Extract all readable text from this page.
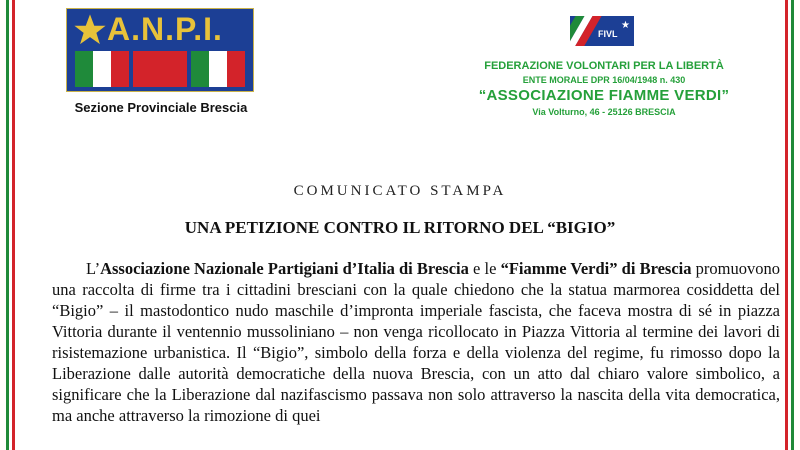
A.N.P.I.
Sezione Provinciale Brescia
FIVL
★
FEDERAZIONE VOLONTARI PER LA LIBERTÀ
ENTE MORALE DPR 16/04/1948 n. 430
“ASSOCIAZIONE FIAMME VERDI”
Via Volturno, 46 - 25126 BRESCIA
COMUNICATO STAMPA
UNA PETIZIONE CONTRO IL RITORNO DEL “BIGIO”

L’Associazione Nazionale Partigiani d’Italia di Brescia e le “Fiamme Verdi” di Brescia promuovono una raccolta di firme tra i cittadini bresciani con la quale chiedono che la statua marmorea cosiddetta del “Bigio” – il mastodontico nudo maschile d’impronta imperiale fascista, che faceva mostra di sé in piazza Vittoria durante il ventennio mussoliniano – non venga ricollocato in Piazza Vittoria al termine dei lavori di risistemazione urbanistica. Il “Bigio”, simbolo della forza e della violenza del regime, fu rimosso dopo la Liberazione dalle autorità democratiche della nuova Brescia, con un atto dal chiaro valore simbolico, a significare che la Liberazione dal nazifascismo passava non solo attraverso la nascita della vita democratica, ma anche attraverso la rimozione di quei
